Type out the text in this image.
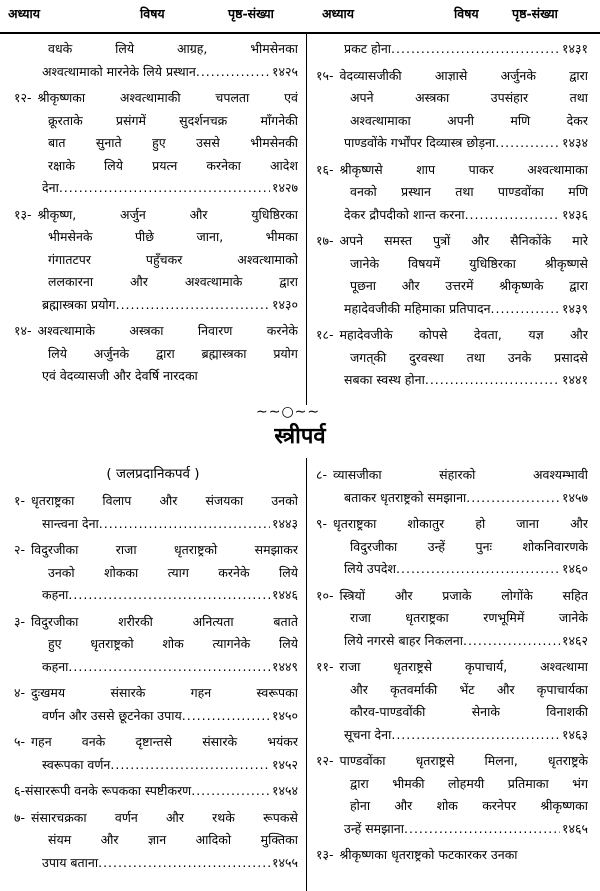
अध्याय	विषय	पृष्ठ-संख्या	अध्याय	विषय	पृष्ठ-संख्या
वधके	लिये	आग्रह,	भीमसेनका
अश्वत्थामाको मारनेके लिये प्रस्थान .....	१४२५
१२- श्रीकृष्णका	अश्वत्थामाकी	चपलता	एवं
क्रूरताके	प्रसंगमें	सुदर्शनचक्र	माँगनेकी
बात सुनाते हुए उससे भीमसेनकी
रक्षाके लिये प्रयत्न करनेका आदेश
देना .....	१४२७
१३- श्रीकृष्ण,	अर्जुन	और	युधिष्ठिरका
भीमसेनके	पीछे	जाना,	भीमका
गंगातटपर	पहुँचकर	अश्वत्थामाको
ललकारना	और	अश्वत्थामाके	द्वारा
ब्रह्मास्त्रका प्रयोग .....	१४३०
१४- अश्वत्थामाके	अस्त्रका	निवारण	करनेके
लिये अर्जुनके द्वारा ब्रह्मास्त्रका प्रयोग
एवं वेदव्यासजी और देवर्षि नारदका
प्रकट होना .....	१४३१
१५- वेदव्यासजीकी	आज्ञासे	अर्जुनके	द्वारा
अपने	अस्त्रका	उपसंहार	तथा
अश्वत्थामाका	अपनी	मणि	देकर
पाण्डवोंके गर्भोंपर दिव्यास्त्र छोड़ना .....	१४३४
१६- श्रीकृष्णसे	शाप	पाकर	अश्वत्थामाका
वनको प्रस्थान तथा पाण्डवोंका मणि
देकर द्रौपदीको शान्त करना .....	१४३६
१७- अपने समस्त पुत्रों और सैनिकोंके मारे
जानेके विषयमें युधिष्ठिरका श्रीकृष्णसे
पूछना और उत्तरमें श्रीकृष्णके द्वारा
महादेवजीकी महिमाका प्रतिपादन .....	१४३९
१८- महादेवजीके कोपसे देवता, यज्ञ और
जगत्‌की दुरवस्था तथा उनके प्रसादसे
सबका स्वस्थ होना .....	१४४१
∼∼○∼∼
स्त्रीपर्व
( जलप्रदानिकपर्व )
१- धृतराष्ट्रका विलाप और संजयका उनको
सान्त्वना देना .....	१४४३
२- विदुरजीका	राजा	धृतराष्ट्रको	समझाकर
उनको शोकका त्याग करनेके लिये
कहना .....	१४४६
३- विदुरजीका	शरीरकी	अनित्यता	बताते
हुए धृतराष्ट्रको शोक त्यागनेके लिये
कहना .....	१४४९
४- दुःखमय	संसारके	गहन	स्वरूपका
वर्णन और उससे छूटनेका उपाय .....	१४५०
५- गहन वनके दृष्टान्तसे संसारके भयंकर
स्वरूपका वर्णन .....	१४५२
६- संसाररूपी वनके रूपकका स्पष्टीकरण .....	१४५४
७- संसारचक्रका वर्णन और रथके रूपकसे
संयम और ज्ञान आदिको मुक्तिका
उपाय बताना .....	१४५५
८- व्यासजीका	संहारको	अवश्यम्भावी
बताकर धृतराष्ट्रको समझाना .....	१४५७
९- धृतराष्ट्रका शोकातुर हो जाना और
विदुरजीका उन्हें पुनः शोकनिवारणके
लिये उपदेश .....	१४६०
१०- स्त्रियों और प्रजाके लोगोंके सहित
राजा	धृतराष्ट्रका	रणभूमिमें	जानेके
लिये नगरसे बाहर निकलना .....	१४६२
११- राजा	धृतराष्ट्रसे	कृपाचार्य,	अश्वत्थामा
और कृतवर्माकी भेंट और कृपाचार्यका
कौरव-पाण्डवोंकी	सेनाके	विनाशकी
सूचना देना .....	१४६३
१२- पाण्डवोंका धृतराष्ट्रसे मिलना, धृतराष्ट्रके
द्वारा भीमकी लोहमयी प्रतिमाका भंग
होना और शोक करनेपर श्रीकृष्णका
उन्हें समझाना .....	१४६५
१३- श्रीकृष्णका धृतराष्ट्रको फटकारकर उनका
